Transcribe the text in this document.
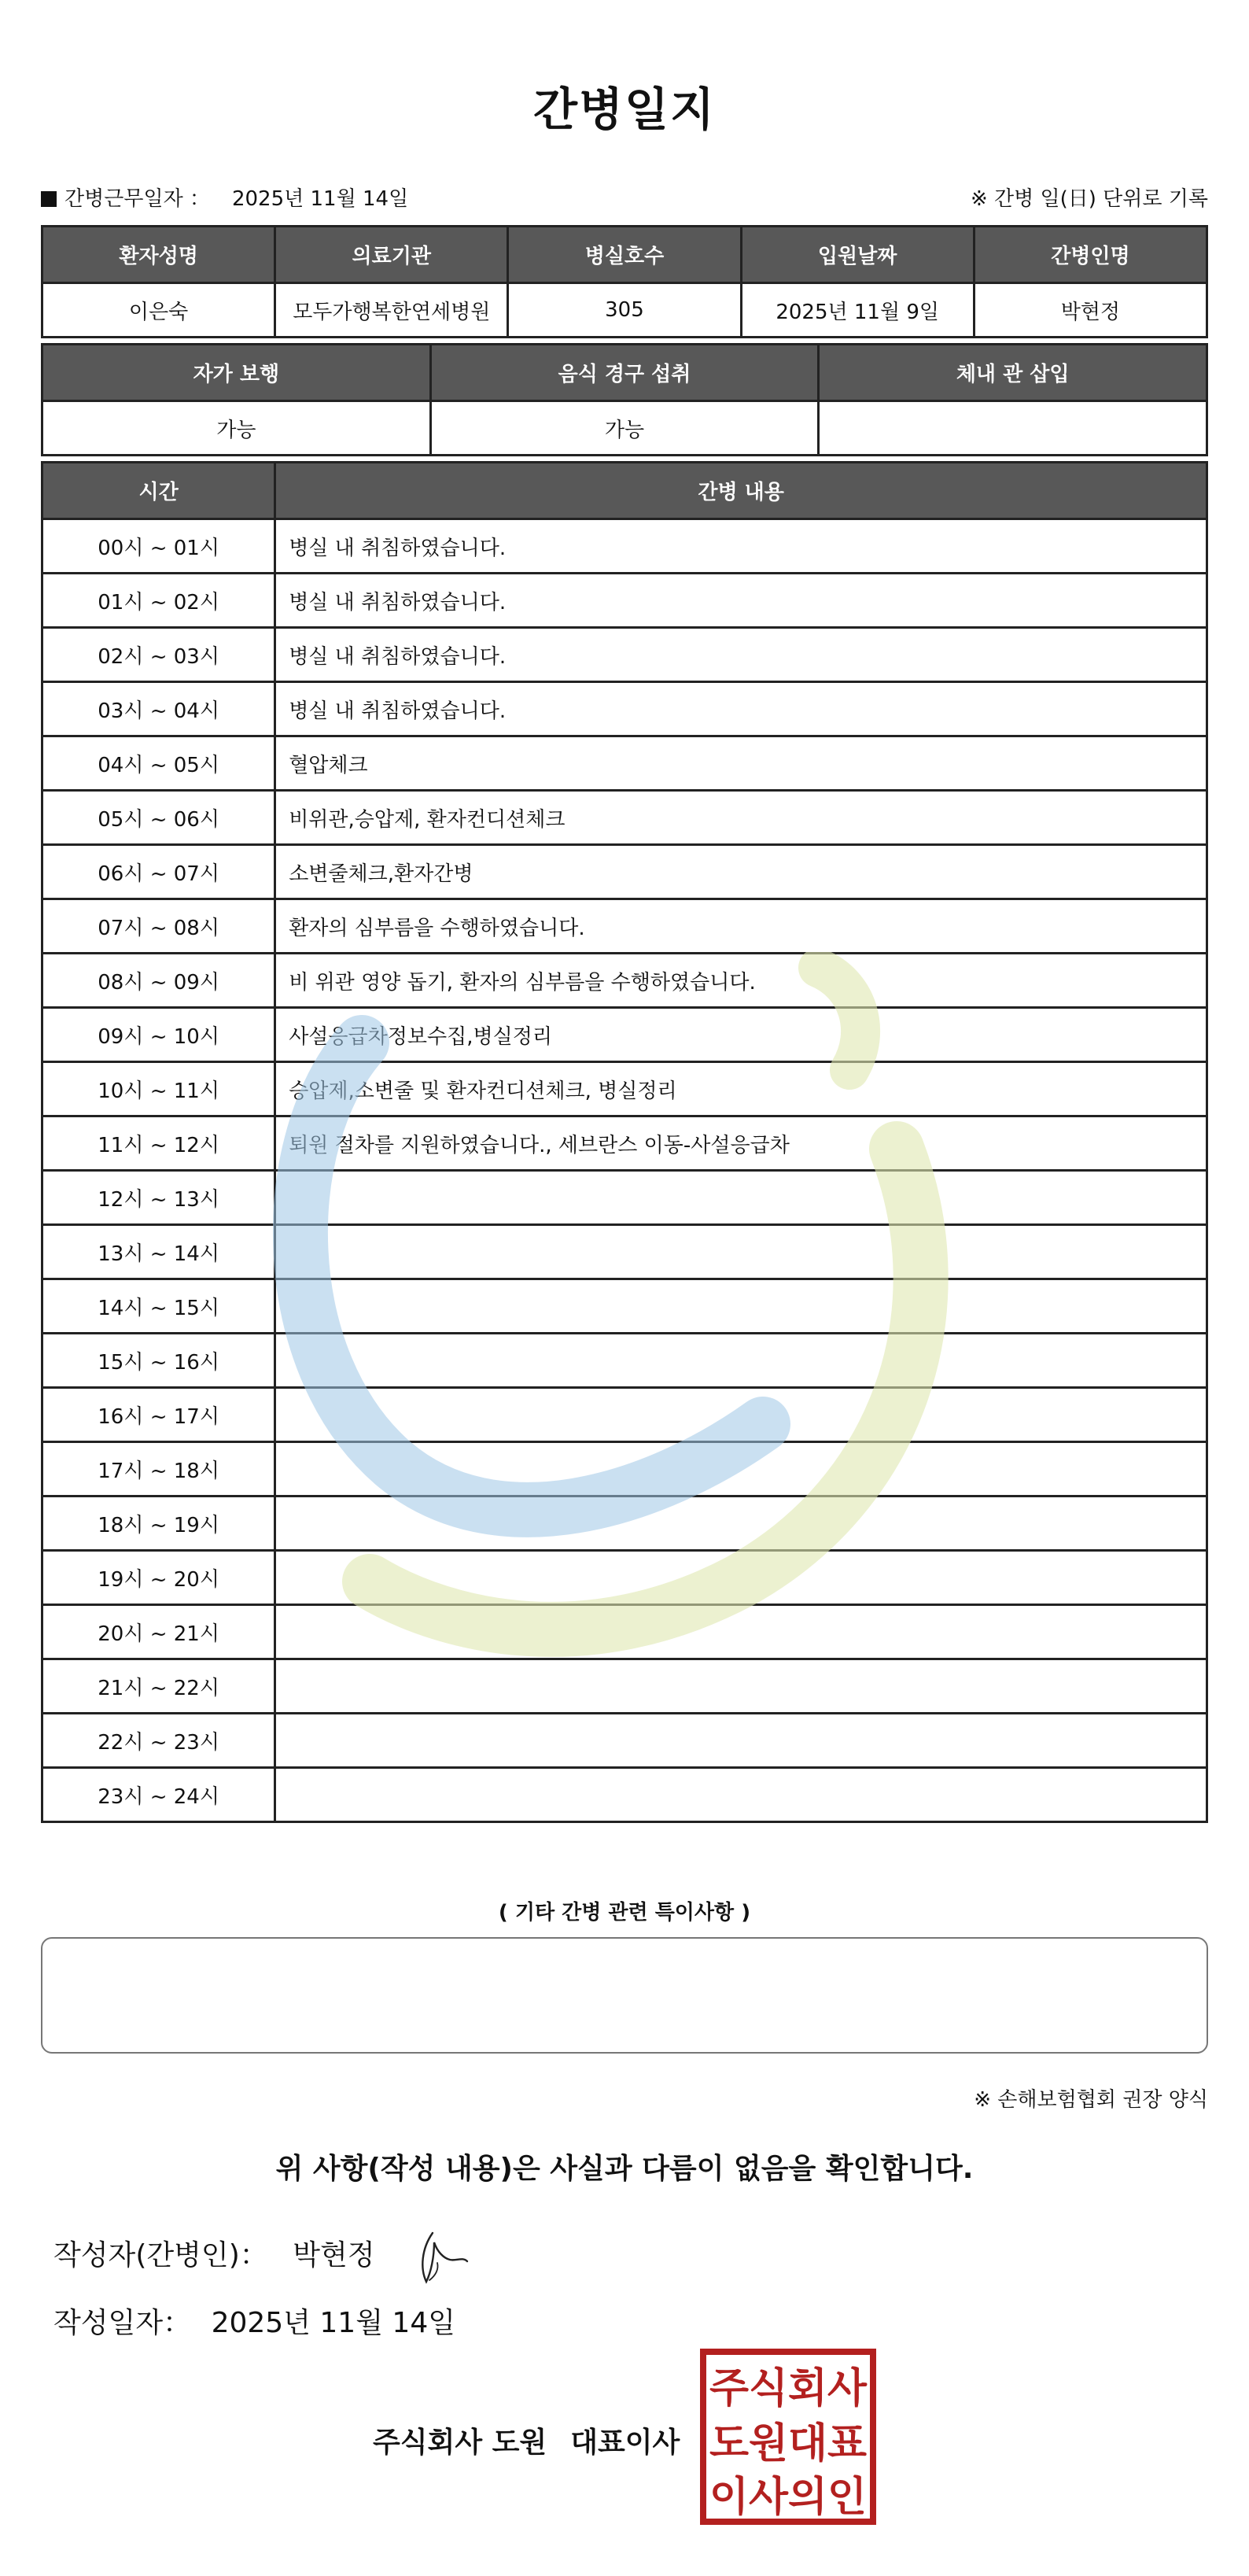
간병일지
간병근무일자 ： 2025년 11월 14일	※ 간병 일(日) 단위로 기록
환자성명	의료기관	병실호수	입원날짜	간병인명
이은숙	모두가행복한연세병원	305	2025년 11월 9일	박현정
자가 보행	음식 경구 섭취	체내 관 삽입
가능	가능	
시간	간병 내용
00시 ~ 01시	병실 내 취침하였습니다.
01시 ~ 02시	병실 내 취침하였습니다.
02시 ~ 03시	병실 내 취침하였습니다.
03시 ~ 04시	병실 내 취침하였습니다.
04시 ~ 05시	혈압체크
05시 ~ 06시	비위관,승압제, 환자컨디션체크
06시 ~ 07시	소변줄체크,환자간병
07시 ~ 08시	환자의 심부름을 수행하였습니다.
08시 ~ 09시	비 위관 영양 돕기, 환자의 심부름을 수행하였습니다.
09시 ~ 10시	사설응급차정보수집,병실정리
10시 ~ 11시	승압제,소변줄 및 환자컨디션체크, 병실정리
11시 ~ 12시	퇴원 절차를 지원하였습니다., 세브란스 이동-사설응급차
12시 ~ 13시	
13시 ~ 14시	
14시 ~ 15시	
15시 ~ 16시	
16시 ~ 17시	
17시 ~ 18시	
18시 ~ 19시	
19시 ~ 20시	
20시 ~ 21시	
21시 ~ 22시	
22시 ~ 23시	
23시 ~ 24시	
( 기타 간병 관련 특이사항 )
※ 손해보험협회 권장 양식
위 사항(작성 내용)은 사실과 다름이 없음을 확인합니다.
작성자(간병인)： 박현정
작성일자： 2025년 11월 14일
주식회사 도원 대표이사
주식회사
도원대표
이사의인
